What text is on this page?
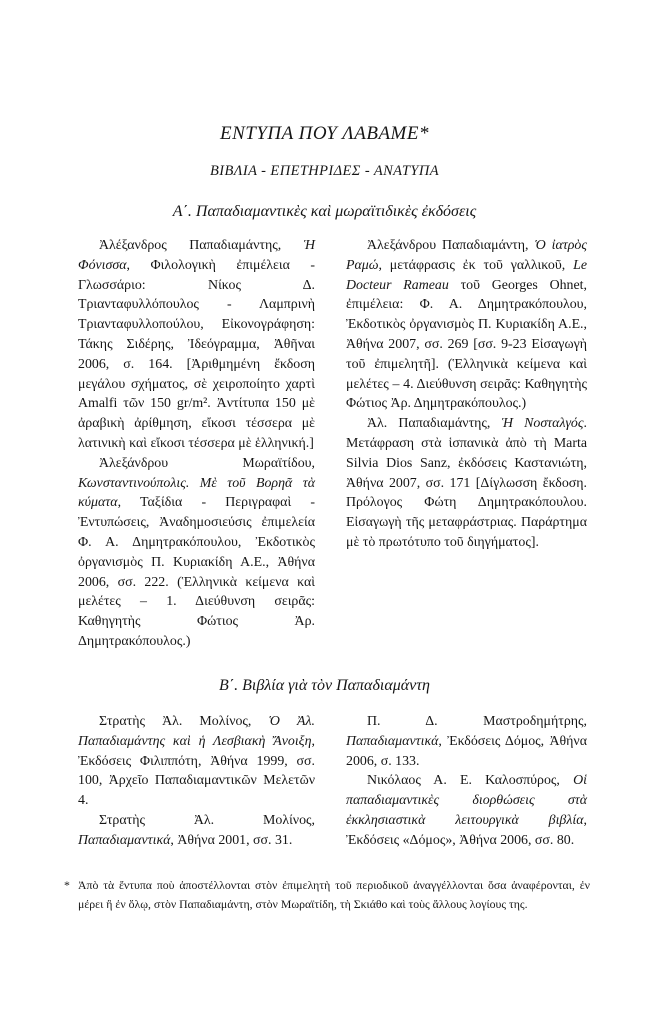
ΕΝΤΥΠΑ ΠΟΥ ΛΑΒΑΜΕ*
ΒΙΒΛΙΑ - ΕΠΕΤΗΡΙΔΕΣ - ΑΝΑΤΥΠΑ
Α΄. Παπαδιαμαντικὲς καὶ μωραϊτιδικὲς ἐκδόσεις

Ἀλέξανδρος Παπαδιαμάντης, Ἡ Φόνισσα, Φιλολογικὴ ἐπιμέλεια - Γλωσσάριο: Νίκος Δ. Τριανταφυλλόπουλος - Λαμπρινὴ Τριανταφυλλοπούλου, Εἰκονογράφηση: Τάκης Σιδέρης, Ἰδεόγραμμα, Ἀθῆναι 2006, σ. 164. [Ἀριθμημένη ἔκδοση μεγάλου σχήματος, σὲ χειροποίητο χαρτὶ Amalfi τῶν 150 gr/m². Ἀντίτυπα 150 μὲ ἀραβικὴ ἀρίθμηση, εἴκοσι τέσσερα μὲ λατινικὴ καὶ εἴκοσι τέσσερα μὲ ἑλληνική.]

Ἀλεξάνδρου Μωραϊτίδου, Κωνσταντινούπολις. Μὲ τοῦ Βορηᾶ τὰ κύματα, Ταξίδια - Περιγραφαὶ - Ἐντυπώσεις, Ἀναδημοσιεύσις ἐπιμελεία Φ. Α. Δημητρακόπουλου, Ἐκδοτικὸς ὀργανισμὸς Π. Κυριακίδη Α.Ε., Ἀθήνα 2006, σσ. 222. (Ἑλληνικὰ κείμενα καὶ μελέτες – 1. Διεύθυνση σειρᾶς: Καθηγητὴς Φώτιος Ἀρ. Δημητρακόπουλος.)

Ἀλεξάνδρου Παπαδιαμάντη, Ὁ ἰατρὸς Ραμώ, μετάφρασις ἐκ τοῦ γαλλικοῦ, Le Docteur Rameau τοῦ Georges Ohnet, ἐπιμέλεια: Φ. Α. Δημητρακόπουλου, Ἐκδοτικὸς ὀργανισμὸς Π. Κυριακίδη Α.Ε., Ἀθήνα 2007, σσ. 269 [σσ. 9-23 Εἰσαγωγὴ τοῦ ἐπιμελητῆ]. (Ἑλληνικὰ κείμενα καὶ μελέτες – 4. Διεύθυνση σειρᾶς: Καθηγητὴς Φώτιος Ἀρ. Δημητρακόπουλος.)

Ἀλ. Παπαδιαμάντης, Ἡ Νοσταλγός. Μετάφραση στὰ ἱσπανικὰ ἀπὸ τὴ Marta Silvia Dios Sanz, ἐκδόσεις Καστανιώτη, Ἀθήνα 2007, σσ. 171 [Δίγλωσση ἔκδοση. Πρόλογος Φώτη Δημητρακόπουλου. Εἰσαγωγὴ τῆς μεταφράστριας. Παράρτημα μὲ τὸ πρωτότυπο τοῦ διηγήματος].

Β΄. Βιβλία γιὰ τὸν Παπαδιαμάντη

Στρατὴς Ἀλ. Μολίνος, Ὁ Ἀλ. Παπαδιαμάντης καὶ ἡ Λεσβιακὴ Ἄνοιξη, Ἐκδόσεις Φιλιππότη, Ἀθήνα 1999, σσ. 100, Ἀρχεῖο Παπαδιαμαντικῶν Μελετῶν 4.

Στρατὴς Ἀλ. Μολίνος, Παπαδιαμαντικά, Ἀθήνα 2001, σσ. 31.

Π. Δ. Μαστροδημήτρης, Παπαδιαμαντικά, Ἐκδόσεις Δόμος, Ἀθήνα 2006, σ. 133.

Νικόλαος Α. Ε. Καλοσπύρος, Οἱ παπαδιαμαντικὲς διορθώσεις στὰ ἐκκλησιαστικὰ λειτουργικὰ βιβλία, Ἐκδόσεις «Δόμος», Ἀθήνα 2006, σσ. 80.

* Ἀπὸ τὰ ἔντυπα ποὺ ἀποστέλλονται στὸν ἐπιμελητὴ τοῦ περιοδικοῦ ἀναγγέλλονται ὅσα ἀναφέρονται, ἐν μέρει ἢ ἐν ὅλῳ, στὸν Παπαδιαμάντη, στὸν Μωραϊτίδη, τὴ Σκιάθο καὶ τοὺς ἄλλους λογίους της.
